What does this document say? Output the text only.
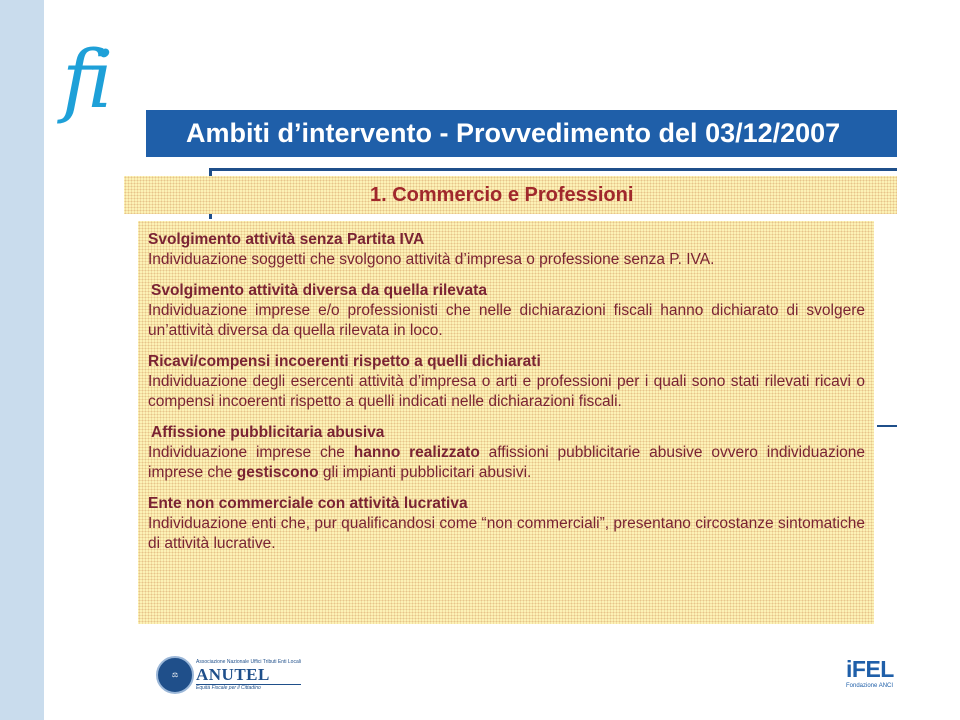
fi
Ambiti d’intervento - Provvedimento del 03/12/2007
1. Commercio e Professioni
Svolgimento attività senza Partita IVA
Individuazione soggetti che svolgono attività d’impresa o professione senza P. IVA.
Svolgimento attività diversa da quella rilevata
Individuazione imprese e/o professionisti che nelle dichiarazioni fiscali hanno dichiarato di svolgere un’attività diversa da quella rilevata in loco.
Ricavi/compensi incoerenti rispetto a quelli dichiarati
Individuazione degli esercenti attività d’impresa o arti e professioni per i quali sono stati rilevati ricavi o compensi incoerenti rispetto a quelli indicati nelle dichiarazioni fiscali.
Affissione pubblicitaria abusiva
Individuazione imprese che hanno realizzato affissioni pubblicitarie abusive ovvero individuazione imprese che gestiscono gli impianti pubblicitari abusivi.
Ente non commerciale con attività lucrativa
Individuazione enti che, pur qualificandosi come “non commerciali”, presentano circostanze sintomatiche di attività lucrative.
⚖
Associazione Nazionale Uffici Tributi Enti Locali
ANUTEL
Equità Fiscale per il Cittadino
iFEL
Fondazione ANCI
